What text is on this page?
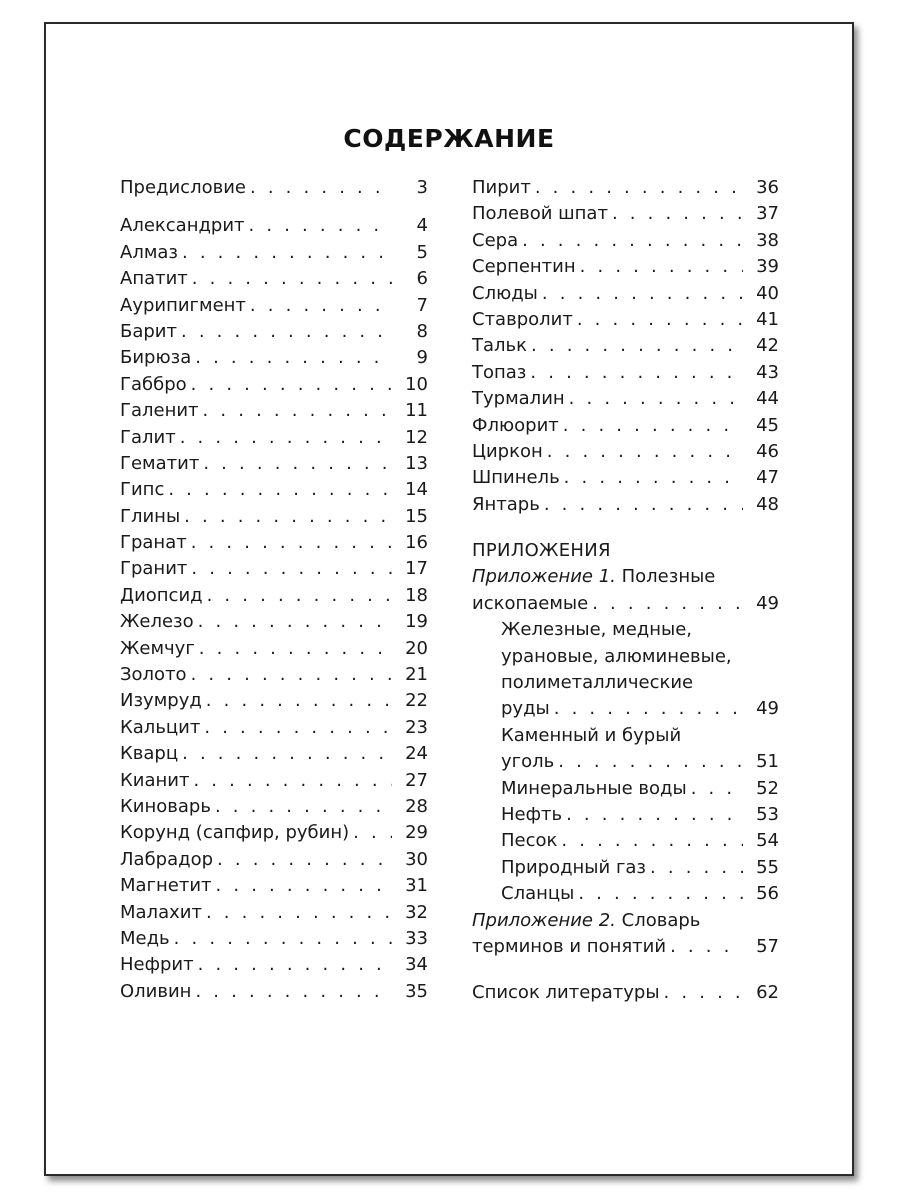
СОДЕРЖАНИЕ
Предисловие . . .	3
Александрит . . .	4
Алмаз . . .	5
Апатит . . .	6
Аурипигмент . . .	7
Барит . . .	8
Бирюза . . .	9
Габбро . . .	10
Галенит . . .	11
Галит . . .	12
Гематит . . .	13
Гипс . . .	14
Глины . . .	15
Гранат . . .	16
Гранит . . .	17
Диопсид . . .	18
Железо . . .	19
Жемчуг . . .	20
Золото . . .	21
Изумруд . . .	22
Кальцит . . .	23
Кварц . . .	24
Кианит . . .	27
Киноварь . . .	28
Корунд (сапфир, рубин) . . .	29
Лабрадор . . .	30
Магнетит . . .	31
Малахит . . .	32
Медь . . .	33
Нефрит . . .	34
Оливин . . .	35
Пирит . . .	36
Полевой шпат . . .	37
Сера . . .	38
Серпентин . . .	39
Слюды . . .	40
Ставролит . . .	41
Тальк . . .	42
Топаз . . .	43
Турмалин . . .	44
Флюорит . . .	45
Циркон . . .	46
Шпинель . . .	47
Янтарь . . .	48
ПРИЛОЖЕНИЯ
Приложение 1. Полезные
ископаемые . . .	49
Железные, медные,
урановые, алюминевые,
полиметаллические
руды . . .	49
Каменный и бурый
уголь . . .	51
Минеральные воды . . .	52
Нефть . . .	53
Песок . . .	54
Природный газ . . .	55
Сланцы . . .	56
Приложение 2. Словарь
терминов и понятий . . .	57
Список литературы . . .	62
